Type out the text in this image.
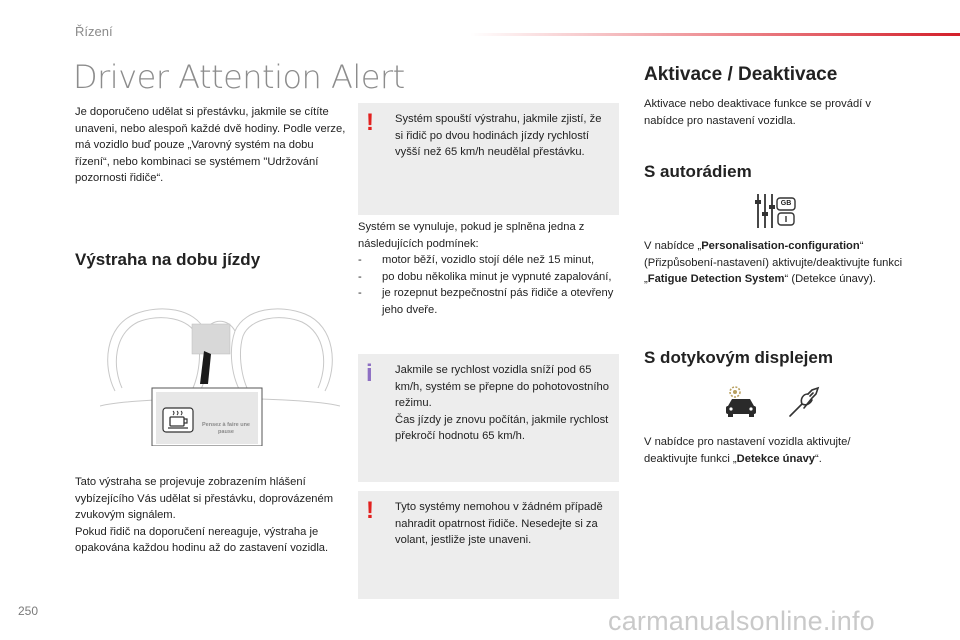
Řízení
Driver Attention Alert
Je doporučeno udělat si přestávku, jakmile se cítíte unaveni, nebo alespoň každé dvě hodiny. Podle verze, má vozidlo buď pouze „Varovný systém na dobu řízení“, nebo kombinaci se systémem "Udržování pozornosti řidiče“.
Výstraha na dobu jízdy
Pensez à faire une pause
Tato výstraha se projevuje zobrazením hlášení vybízejícího Vás udělat si přestávku, doprovázeném zvukovým signálem.
Pokud řidič na doporučení nereaguje, výstraha je opakována každou hodinu až do zastavení vozidla.
! Systém spouští výstrahu, jakmile zjistí, že si řidič po dvou hodinách jízdy rychlostí vyšší než 65 km/h neudělal přestávku.
Systém se vynuluje, pokud je splněna jedna z následujících podmínek:
- motor běží, vozidlo stojí déle než 15 minut,
- po dobu několika minut je vypnuté zapalování,
- je rozepnut bezpečnostní pás řidiče a otevřeny jeho dveře.
i Jakmile se rychlost vozidla sníží pod 65 km/h, systém se přepne do pohotovostního režimu.
Čas jízdy je znovu počítán, jakmile rychlost překročí hodnotu 65 km/h.
! Tyto systémy nemohou v žádném případě nahradit opatrnost řidiče. Nesedejte si za volant, jestliže jste unaveni.
Aktivace / Deaktivace
Aktivace nebo deaktivace funkce se provádí v nabídce pro nastavení vozidla.
S autorádiem
GB
V nabídce „Personalisation-configuration“ (Přizpůsobení-nastavení) aktivujte/deaktivujte funkci „Fatigue Detection System“ (Detekce únavy).
S dotykovým displejem
V nabídce pro nastavení vozidla aktivujte/ deaktivujte funkci „Detekce únavy“.
250	carmanualsonline.info
